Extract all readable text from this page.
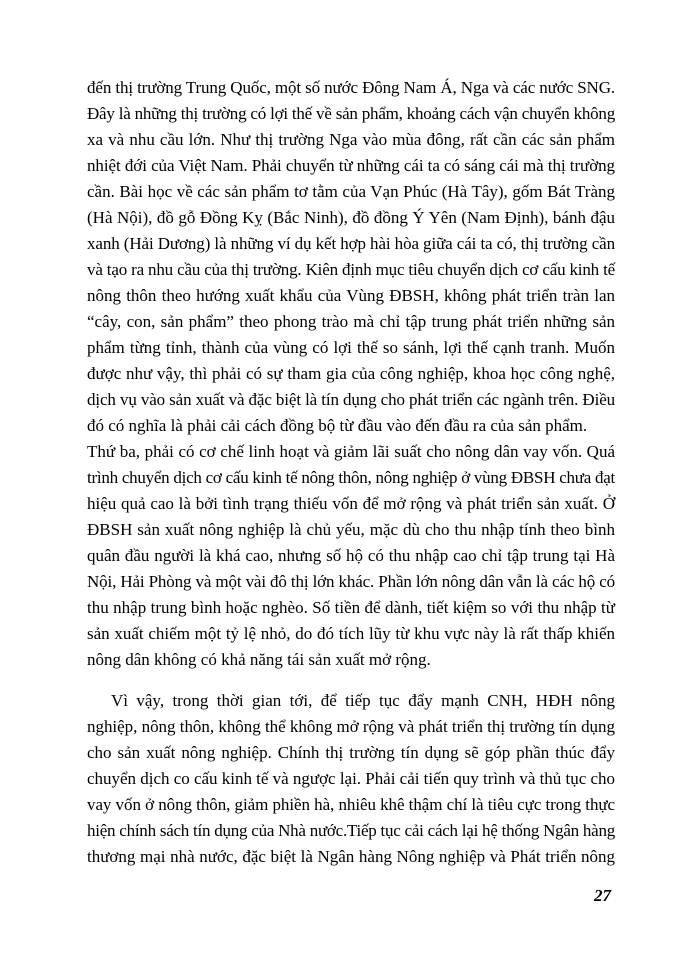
đến thị trường Trung Quốc, một số nước Đông Nam Á, Nga và các nước SNG.
Đây là những thị trường có lợi thế về sản phẩm, khoảng cách vận chuyển không
xa và nhu cầu lớn. Như thị trường Nga vào mùa đông, rất cần các sản phẩm
nhiệt đới của Việt Nam. Phải chuyển từ những cái ta có sáng cái mà thị trường
cần. Bài học về các sản phẩm tơ tằm của Vạn Phúc (Hà Tây), gốm Bát Tràng
(Hà Nội), đồ gỗ Đồng Kỵ (Bắc Ninh), đồ đồng Ý Yên (Nam Định), bánh đậu
xanh (Hải Dương) là những ví dụ kết hợp hài hòa giữa cái ta có, thị trường cần
và tạo ra nhu cầu của thị trường. Kiên định mục tiêu chuyển dịch cơ cấu kinh tế
nông thôn theo hướng xuất khẩu của Vùng ĐBSH, không phát triển tràn lan
“cây, con, sản phẩm” theo phong trào mà chỉ tập trung phát triển những sản
phẩm từng tỉnh, thành của vùng có lợi thế so sánh, lợi thế cạnh tranh. Muốn
được như vậy, thì phải có sự tham gia của công nghiệp, khoa học công nghệ,
dịch vụ vào sản xuất và đặc biệt là tín dụng cho phát triển các ngành trên. Điều
đó có nghĩa là phải cải cách đồng bộ từ đầu vào đến đầu ra của sản phẩm.
Thứ ba, phải có cơ chế linh hoạt và giảm lãi suất cho nông dân vay vốn. Quá
trình chuyển dịch cơ cấu kinh tế nông thôn, nông nghiệp ở vùng ĐBSH chưa đạt
hiệu quả cao là bởi tình trạng thiếu vốn để mở rộng và phát triển sản xuất. Ở
ĐBSH sản xuất nông nghiệp là chủ yếu, mặc dù cho thu nhập tính theo bình
quân đầu người là khá cao, nhưng số hộ có thu nhập cao chỉ tập trung tại Hà
Nội, Hải Phòng và một vài đô thị lớn khác. Phần lớn nông dân vẫn là các hộ có
thu nhập trung bình hoặc nghèo. Số tiền để dành, tiết kiệm so với thu nhập từ
sản xuất chiếm một tỷ lệ nhỏ, do đó tích lũy từ khu vực này là rất thấp khiến
nông dân không có khả năng tái sản xuất mở rộng.
Vì vậy, trong thời gian tới, để tiếp tục đẩy mạnh CNH, HĐH nông
nghiệp, nông thôn, không thể không mở rộng và phát triển thị trường tín dụng
cho sản xuất nông nghiệp. Chính thị trường tín dụng sẽ góp phần thúc đẩy
chuyển dịch co cấu kinh tế và ngược lại. Phải cải tiến quy trình và thủ tục cho
vay vốn ở nông thôn, giảm phiền hà, nhiêu khê thậm chí là tiêu cực trong thực
hiện chính sách tín dụng của Nhà nước.Tiếp tục cải cách lại hệ thống Ngân hàng
thương mại nhà nước, đặc biệt là Ngân hàng Nông nghiệp và Phát triển nông
27
